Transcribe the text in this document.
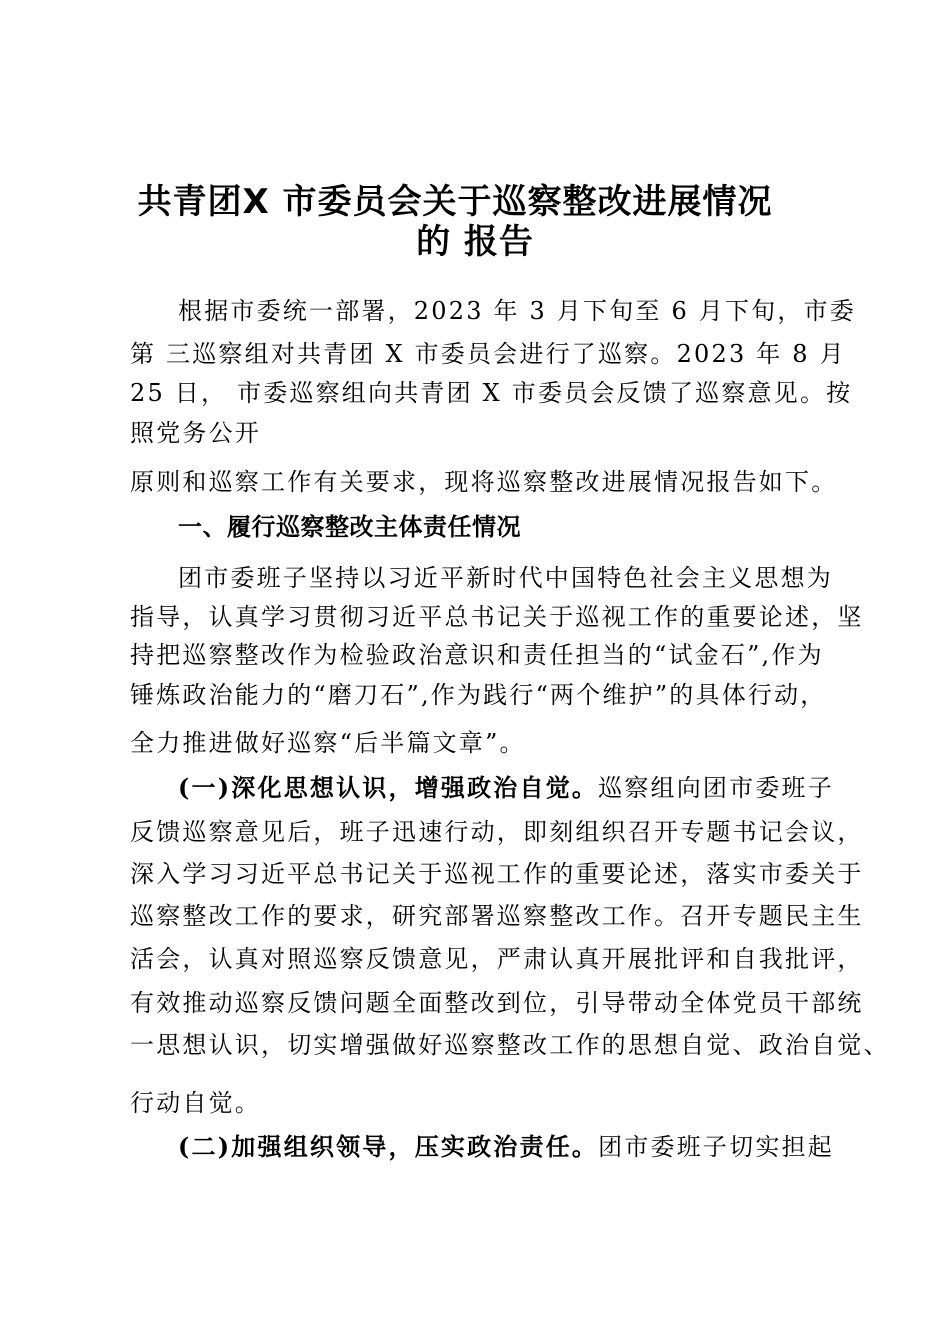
共青团X 市委员会关于巡察整改进展情况
的 报告
根据市委统一部署，2023 年 3 月下旬至 6 月下旬，市委
第 三巡察组对共青团 X 市委员会进行了巡察。2023 年 8 月
25 日， 市委巡察组向共青团 X 市委员会反馈了巡察意见。按
照党务公开
原则和巡察工作有关要求，现将巡察整改进展情况报告如下。
一、履行巡察整改主体责任情况
团市委班子坚持以习近平新时代中国特色社会主义思想为
指导，认真学习贯彻习近平总书记关于巡视工作的重要论述，坚
持把巡察整改作为检验政治意识和责任担当的“试金石”,作为
锤炼政治能力的“磨刀石”,作为践行“两个维护”的具体行动，
全力推进做好巡察“后半篇文章”。
(一)深化思想认识，增强政治自觉。巡察组向团市委班子
反馈巡察意见后，班子迅速行动，即刻组织召开专题书记会议，
深入学习习近平总书记关于巡视工作的重要论述，落实市委关于
巡察整改工作的要求，研究部署巡察整改工作。召开专题民主生
活会，认真对照巡察反馈意见，严肃认真开展批评和自我批评，
有效推动巡察反馈问题全面整改到位，引导带动全体党员干部统
一思想认识，切实增强做好巡察整改工作的思想自觉、政治自觉、
行动自觉。
(二)加强组织领导，压实政治责任。团市委班子切实担起
